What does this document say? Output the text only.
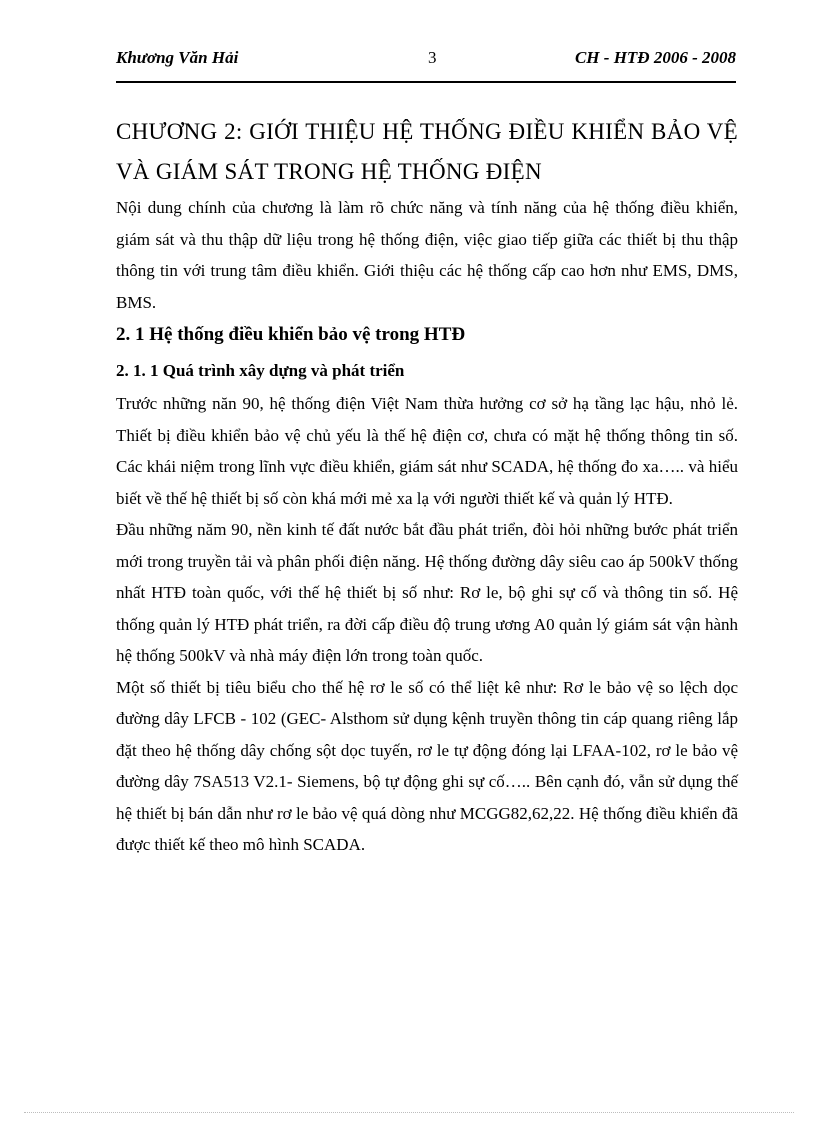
Khương Văn Hải	3	CH - HTĐ 2006 - 2008
CHƯƠNG 2: GIỚI THIỆU HỆ THỐNG ĐIỀU KHIỂN BẢO VỆ VÀ GIÁM SÁT TRONG HỆ THỐNG ĐIỆN

Nội dung chính của chương là làm rõ chức năng và tính năng của hệ thống điều khiển, giám sát và thu thập dữ liệu trong hệ thống điện, việc giao tiếp giữa các thiết bị thu thập thông tin với trung tâm điều khiển. Giới thiệu các hệ thống cấp cao hơn như EMS, DMS, BMS.

2. 1 Hệ thống điều khiển bảo vệ trong HTĐ
2. 1. 1 Quá trình xây dựng và phát triển

Trước những năn 90, hệ thống điện Việt Nam thừa hưởng cơ sở hạ tầng lạc hậu, nhỏ lẻ. Thiết bị điều khiển bảo vệ chủ yếu là thế hệ điện cơ, chưa có mặt hệ thống thông tin số. Các khái niệm trong lĩnh vực điều khiển, giám sát như SCADA, hệ thống đo xa….. và hiểu biết về thế hệ thiết bị số còn khá mới mẻ xa lạ với người thiết kế và quản lý HTĐ.

Đầu những năm 90, nền kinh tế đất nước bắt đầu phát triển, đòi hỏi những bước phát triển mới trong truyền tải và phân phối điện năng. Hệ thống đường dây siêu cao áp 500kV thống nhất HTĐ toàn quốc, với thế hệ thiết bị số như: Rơ le, bộ ghi sự cố và thông tin số. Hệ thống quản lý HTĐ phát triển, ra đời cấp điều độ trung ương A0 quản lý giám sát vận hành hệ thống 500kV và nhà máy điện lớn trong toàn quốc.

Một số thiết bị tiêu biểu cho thế hệ rơ le số có thể liệt kê như: Rơ le bảo vệ so lệch dọc đường dây LFCB - 102 (GEC- Alsthom sử dụng kệnh truyền thông tin cáp quang riêng lắp đặt theo hệ thống dây chống sột dọc tuyến, rơ le tự động đóng lại LFAA-102, rơ le bảo vệ đường dây 7SA513 V2.1- Siemens, bộ tự động ghi sự cố….. Bên cạnh đó, vẫn sử dụng thế hệ thiết bị bán dẫn như rơ le bảo vệ quá dòng như MCGG82,62,22. Hệ thống điều khiển đã được thiết kế theo mô hình SCADA.
